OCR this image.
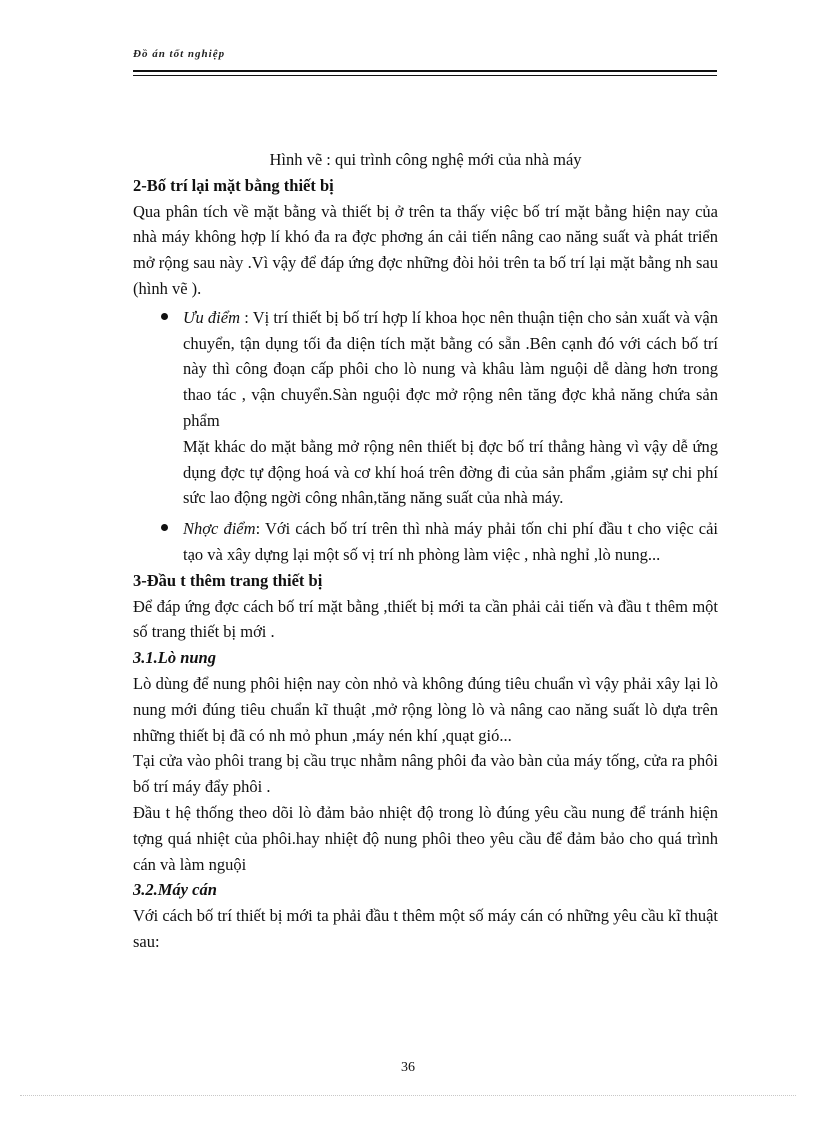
Đồ án tốt nghiệp

Hình vẽ : qui trình công nghệ mới của nhà máy

2-Bố trí lại mặt bằng thiết bị

Qua phân tích về mặt bằng và thiết bị ở trên ta thấy việc bố trí mặt bằng hiện nay của nhà máy không hợp lí khó đa ra đợc phơng án cải tiến nâng cao năng suất và phát triển mở rộng sau này .Vì vậy để đáp ứng đợc những đòi hỏi trên ta bố trí lại mặt bằng nh sau (hình vẽ ).

Ưu điểm : Vị trí thiết bị bố trí hợp lí khoa học nên thuận tiện cho sản xuất và vận chuyển, tận dụng tối đa diện tích mặt bằng có sẵn .Bên cạnh đó với cách bố trí này thì công đoạn cấp phôi cho lò nung và khâu làm nguội dễ dàng hơn trong thao tác , vận chuyển.Sàn nguội đợc mở rộng nên tăng đợc khả năng chứa sản phẩm
Mặt khác do mặt bằng mở rộng nên thiết bị đợc bố trí thẳng hàng vì vậy dễ ứng dụng đợc tự động hoá và cơ khí hoá trên đờng đi của sản phẩm ,giảm sự chi phí sức lao động ngời công nhân,tăng năng suất của nhà máy.
Nhợc điểm: Với cách bố trí trên thì nhà máy phải tốn chi phí đầu t cho việc cải tạo và xây dựng lại một số vị trí nh phòng làm việc , nhà nghỉ ,lò nung...

3-Đầu t thêm trang thiết bị

Để đáp ứng đợc cách bố trí mặt bằng ,thiết bị mới ta cần phải cải tiến và đầu t thêm một số trang thiết bị mới .

3.1.Lò nung

Lò dùng để nung phôi hiện nay còn nhỏ và không đúng tiêu chuẩn vì vậy phải xây lại lò nung mới đúng tiêu chuẩn kĩ thuật ,mở rộng lòng lò và nâng cao năng suất lò dựa trên những thiết bị đã có nh mỏ phun ,máy nén khí ,quạt gió...

Tại cửa vào phôi trang bị cầu trục nhằm nâng phôi đa vào bàn của máy tống, cửa ra phôi bố trí máy đẩy phôi .

Đầu t hệ thống theo dõi lò đảm bảo nhiệt độ trong lò đúng yêu cầu nung để tránh hiện tợng quá nhiệt của phôi.hay nhiệt độ nung phôi theo yêu cầu để đảm bảo cho quá trình cán và làm nguội

3.2.Máy cán

Với cách bố trí thiết bị mới ta phải đầu t thêm một số máy cán có những yêu cầu kĩ thuật sau:

36
